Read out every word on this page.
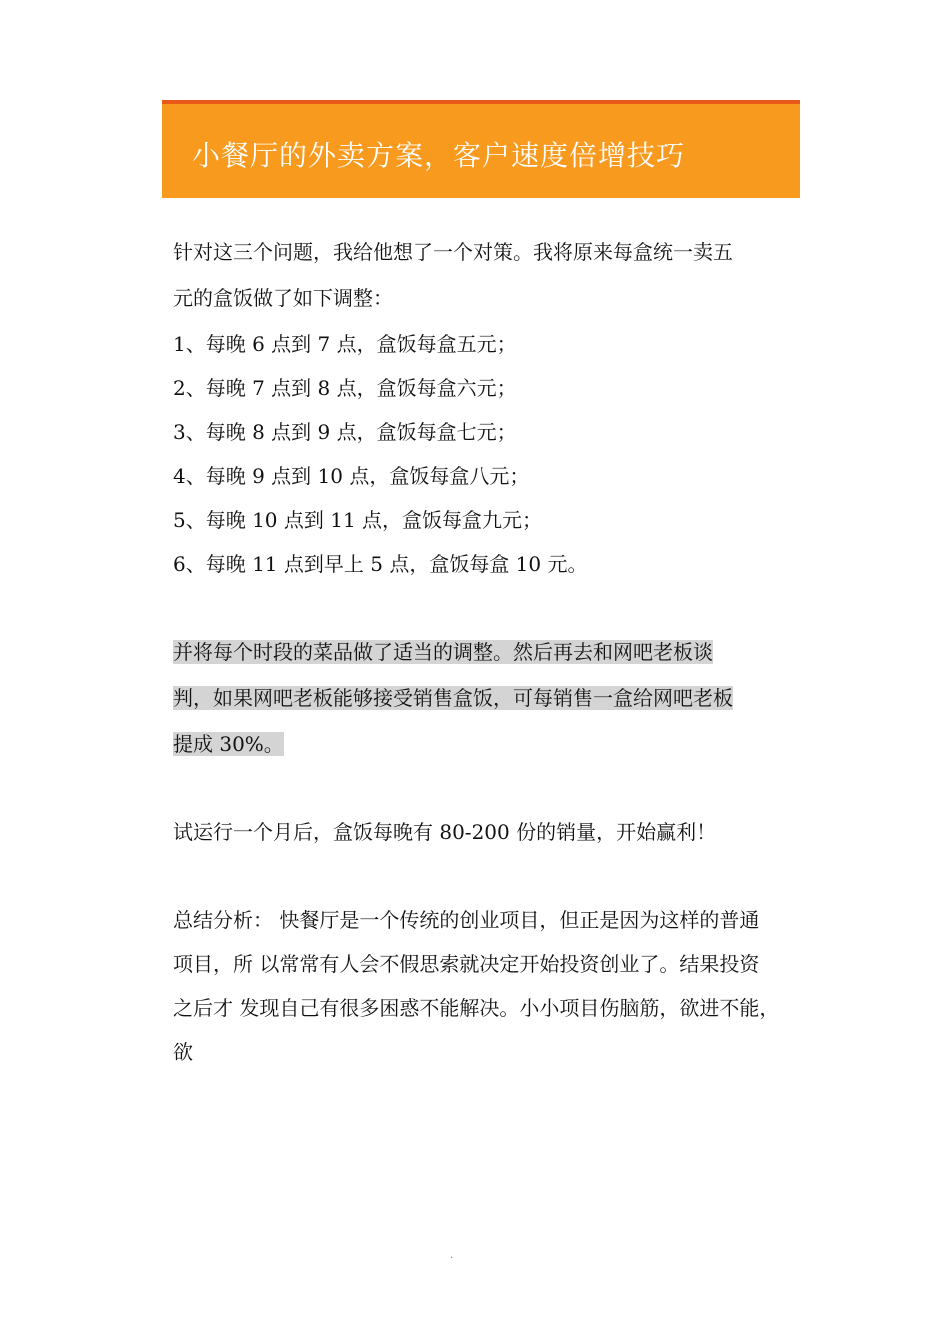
小餐厅的外卖方案，客户速度倍增技巧
针对这三个问题，我给他想了一个对策。我将原来每盒统一卖五
元的盒饭做了如下调整：
1、每晚 6 点到 7 点，盒饭每盒五元；
2、每晚 7 点到 8 点，盒饭每盒六元；
3、每晚 8 点到 9 点，盒饭每盒七元；
4、每晚 9 点到 10 点，盒饭每盒八元；
5、每晚 10 点到 11 点，盒饭每盒九元；
6、每晚 11 点到早上 5 点，盒饭每盒 10 元。
并将每个时段的菜品做了适当的调整。然后再去和网吧老板谈
判，如果网吧老板能够接受销售盒饭，可每销售一盒给网吧老板
提成 30%。
试运行一个月后，盒饭每晚有 80-200 份的销量，开始赢利！
总结分析： 快餐厅是一个传统的创业项目，但正是因为这样的普通
项目，所 以常常有人会不假思索就决定开始投资创业了。结果投资
之后才 发现自己有很多困惑不能解决。小小项目伤脑筋，欲进不能，
欲
.
